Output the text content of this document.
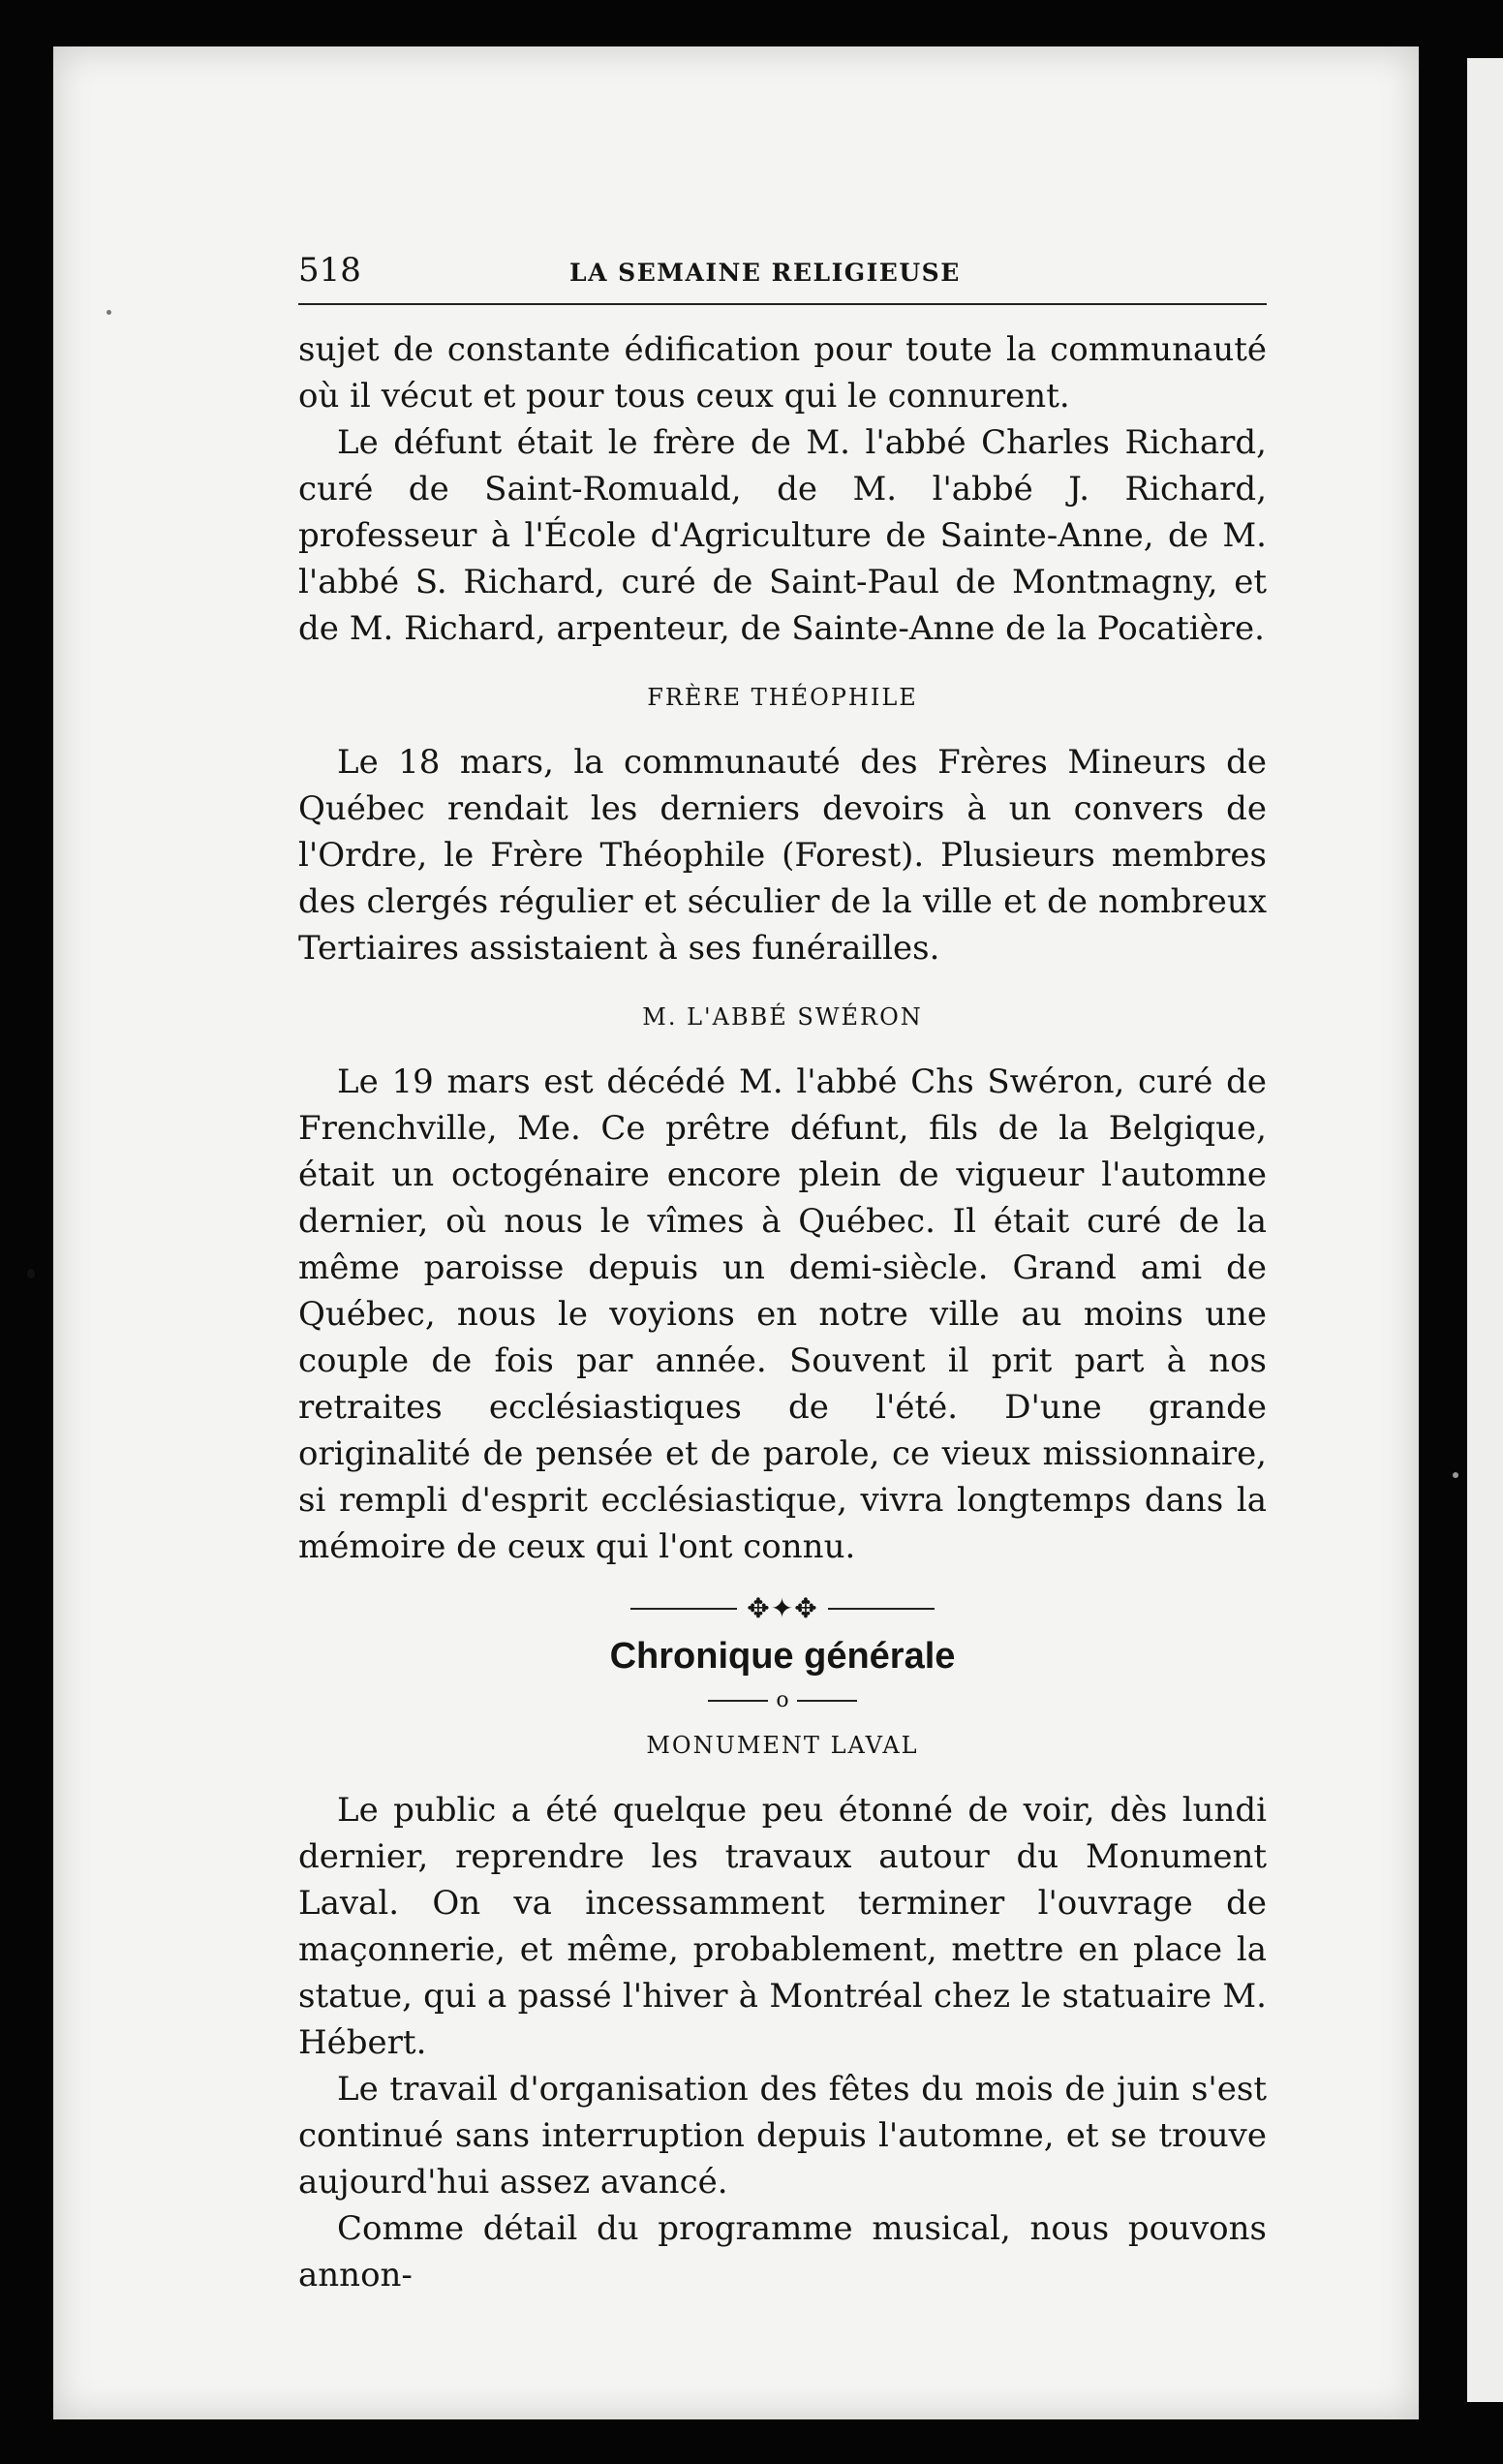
518	LA SEMAINE RELIGIEUSE

sujet de constante édification pour toute la communauté où il vécut et pour tous ceux qui le connurent.

Le défunt était le frère de M. l'abbé Charles Richard, curé de Saint-Romuald, de M. l'abbé J. Richard, professeur à l'École d'Agriculture de Sainte-Anne, de M. l'abbé S. Richard, curé de Saint-Paul de Montmagny, et de M. Richard, arpenteur, de Sainte-Anne de la Pocatière.

FRÈRE THÉOPHILE

Le 18 mars, la communauté des Frères Mineurs de Québec rendait les derniers devoirs à un convers de l'Ordre, le Frère Théophile (Forest). Plusieurs membres des clergés régulier et séculier de la ville et de nombreux Tertiaires assistaient à ses funérailles.

M. L'ABBÉ SWÉRON

Le 19 mars est décédé M. l'abbé Chs Swéron, curé de Frenchville, Me. Ce prêtre défunt, fils de la Belgique, était un octogénaire encore plein de vigueur l'automne dernier, où nous le vîmes à Québec. Il était curé de la même paroisse depuis un demi-siècle. Grand ami de Québec, nous le voyions en notre ville au moins une couple de fois par année. Souvent il prit part à nos retraites ecclésiastiques de l'été. D'une grande originalité de pensée et de parole, ce vieux missionnaire, si rempli d'esprit ecclésiastique, vivra longtemps dans la mémoire de ceux qui l'ont connu.

✥✦✥
Chronique générale
o
MONUMENT LAVAL

Le public a été quelque peu étonné de voir, dès lundi dernier, reprendre les travaux autour du Monument Laval. On va incessamment terminer l'ouvrage de maçonnerie, et même, probablement, mettre en place la statue, qui a passé l'hiver à Montréal chez le statuaire M. Hébert.

Le travail d'organisation des fêtes du mois de juin s'est continué sans interruption depuis l'automne, et se trouve aujourd'hui assez avancé.

Comme détail du programme musical, nous pouvons annon-
